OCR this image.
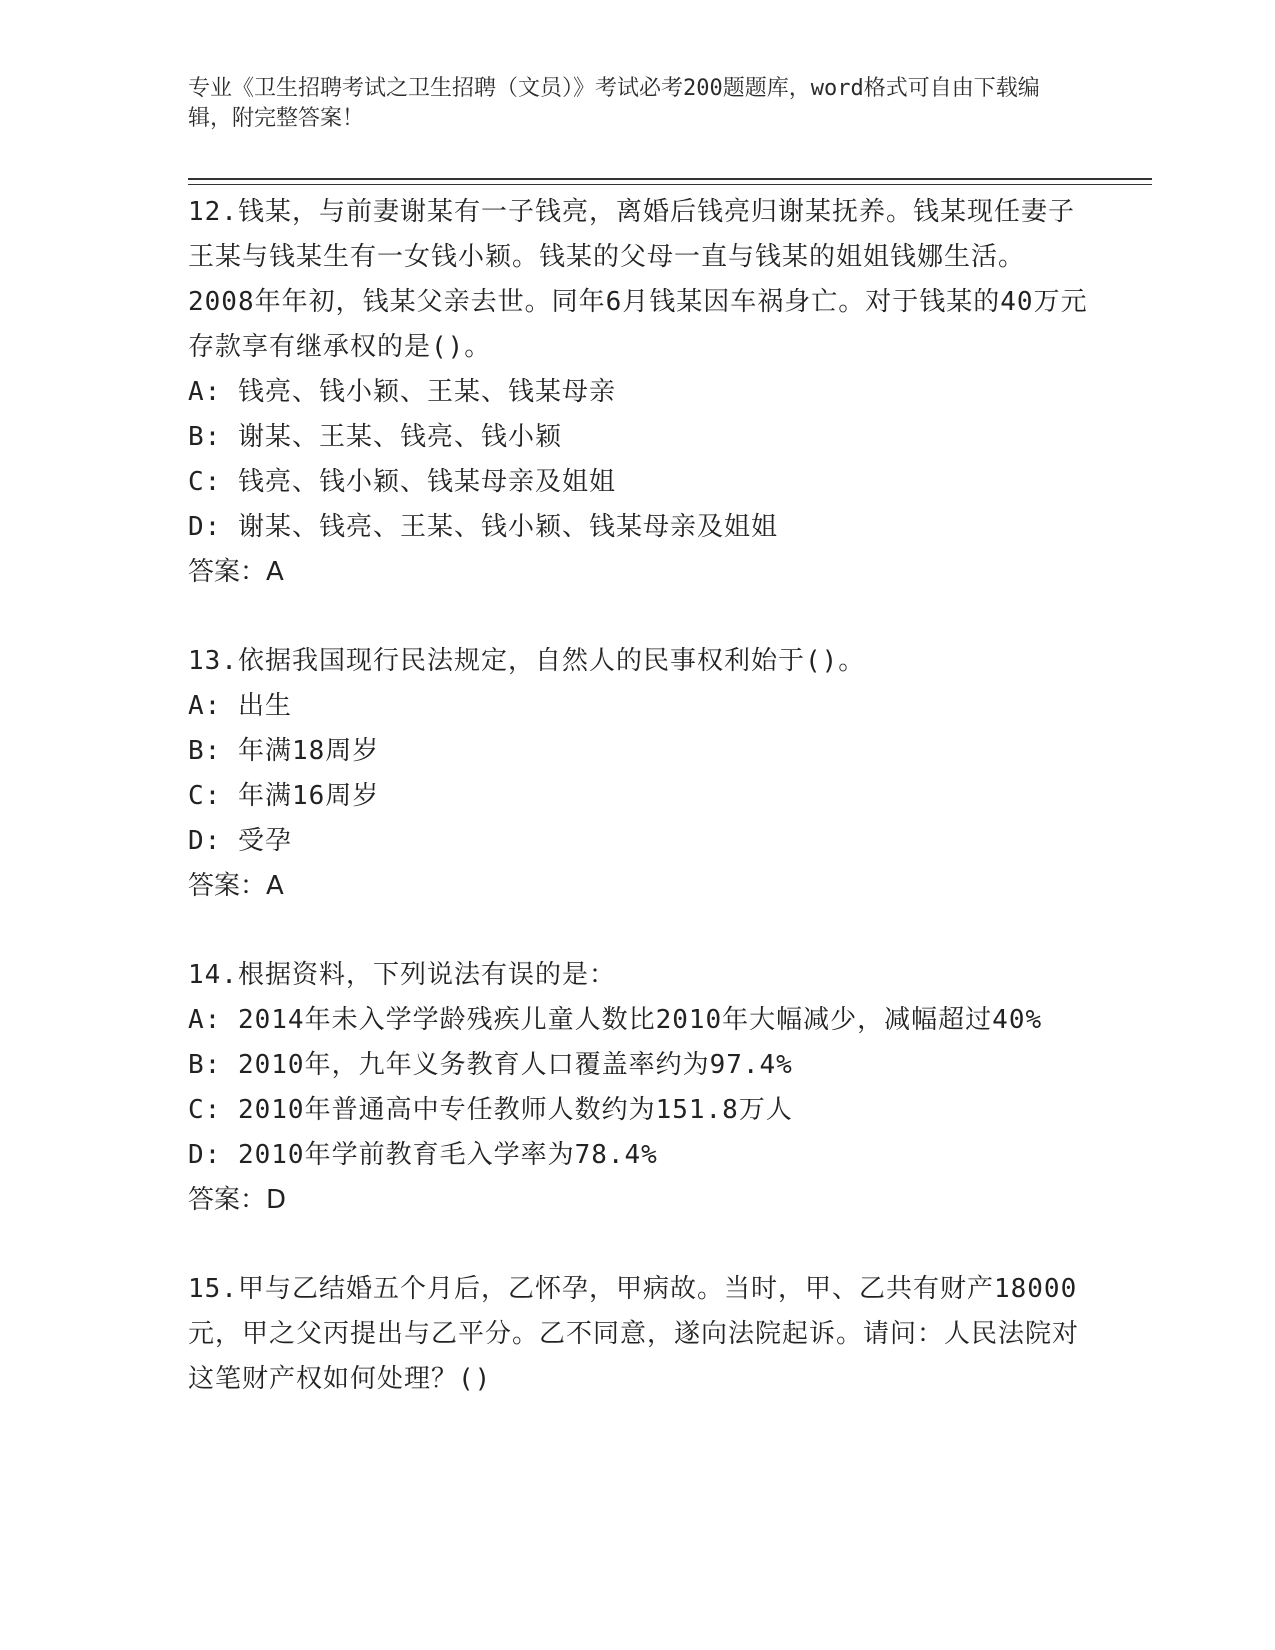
专业《卫生招聘考试之卫生招聘（文员）》考试必考200题题库，word格式可自由下载编辑，附完整答案！
12.钱某，与前妻谢某有一子钱亮，离婚后钱亮归谢某抚养。钱某现任妻子王某与钱某生有一女钱小颖。钱某的父母一直与钱某的姐姐钱娜生活。2008年年初，钱某父亲去世。同年6月钱某因车祸身亡。对于钱某的40万元存款享有继承权的是()。
A: 钱亮、钱小颖、王某、钱某母亲
B: 谢某、王某、钱亮、钱小颖
C: 钱亮、钱小颖、钱某母亲及姐姐
D: 谢某、钱亮、王某、钱小颖、钱某母亲及姐姐
答案：A
13.依据我国现行民法规定，自然人的民事权利始于()。
A: 出生
B: 年满18周岁
C: 年满16周岁
D: 受孕
答案：A
14.根据资料，下列说法有误的是：
A: 2014年未入学学龄残疾儿童人数比2010年大幅减少，减幅超过40%
B: 2010年，九年义务教育人口覆盖率约为97.4%
C: 2010年普通高中专任教师人数约为151.8万人
D: 2010年学前教育毛入学率为78.4%
答案：D
15.甲与乙结婚五个月后，乙怀孕，甲病故。当时，甲、乙共有财产18000元，甲之父丙提出与乙平分。乙不同意，遂向法院起诉。请问：人民法院对这笔财产权如何处理？()
